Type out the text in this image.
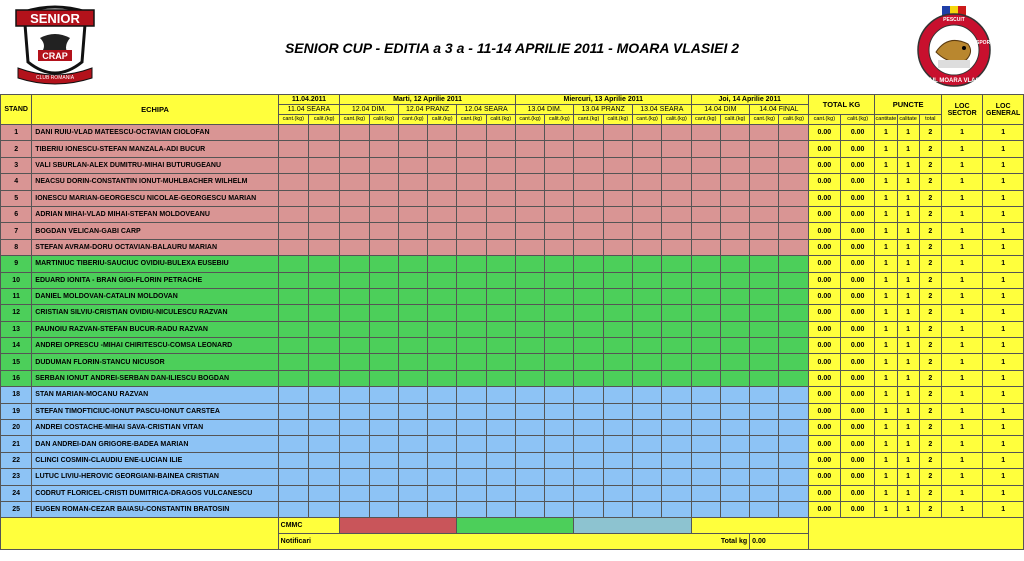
SENIOR
CRAP
CLUB ROMANIA
SENIOR CUP - EDITIA a 3 a - 11-14 APRILIE 2011 - MOARA VLASIEI 2
PESCUIT
SPORTIV
ACUL MOARA VLASIEI
STAND	ECHIPA	11.04.2011		Marti, 12 Aprilie 2011						Miercuri, 13 Aprilie 2011						Joi, 14 Aprilie 2011				TOTAL KG		PUNCTE			LOC SECTOR	LOC GENERAL
		11.04 SEARA		12.04 DIM.		12.04 PRANZ		12.04 SEARA		13.04 DIM.		13.04 PRANZ		13.04 SEARA		14.04 DIM		14.04 FINAL								
		cant.(kg)	calit.(kg)	cant.(kg)	calit.(kg)	cant.(kg)	calit.(kg)	cant.(kg)	calit.(kg)	cant.(kg)	calit.(kg)	cant.(kg)	calit.(kg)	cant.(kg)	calit.(kg)	cant.(kg)	calit.(kg)	cant.(kg)	calit.(kg)	cant.(kg)	calit.(kg)	cantitate	calitate	total		
1	DANI RUIU-VLAD MATEESCU-OCTAVIAN CIOLOFAN																			0.00	0.00	1	1	2	1	1
2	TIBERIU IONESCU-STEFAN MANZALA-ADI BUCUR																			0.00	0.00	1	1	2	1	1
3	VALI SBURLAN-ALEX DUMITRU-MIHAI BUTURUGEANU																			0.00	0.00	1	1	2	1	1
4	NEACSU DORIN-CONSTANTIN IONUT-MUHLBACHER WILHELM																			0.00	0.00	1	1	2	1	1
5	IONESCU MARIAN-GEORGESCU NICOLAE-GEORGESCU MARIAN																			0.00	0.00	1	1	2	1	1
6	ADRIAN MIHAI-VLAD MIHAI-STEFAN MOLDOVEANU																			0.00	0.00	1	1	2	1	1
7	BOGDAN VELICAN-GABI CARP																			0.00	0.00	1	1	2	1	1
8	STEFAN AVRAM-DORU OCTAVIAN-BALAURU MARIAN																			0.00	0.00	1	1	2	1	1
9	MARTINIUC TIBERIU-SAUCIUC OVIDIU-BULEXA EUSEBIU																			0.00	0.00	1	1	2	1	1
10	EDUARD IONITA - BRAN GIGI-FLORIN PETRACHE																			0.00	0.00	1	1	2	1	1
11	DANIEL MOLDOVAN-CATALIN MOLDOVAN																			0.00	0.00	1	1	2	1	1
12	CRISTIAN SILVIU-CRISTIAN OVIDIU-NICULESCU RAZVAN																			0.00	0.00	1	1	2	1	1
13	PAUNOIU RAZVAN-STEFAN BUCUR-RADU RAZVAN																			0.00	0.00	1	1	2	1	1
14	ANDREI OPRESCU -MIHAI CHIRITESCU-COMSA LEONARD																			0.00	0.00	1	1	2	1	1
15	DUDUMAN FLORIN-STANCU NICUSOR																			0.00	0.00	1	1	2	1	1
16	SERBAN IONUT ANDREI-SERBAN DAN-ILIESCU BOGDAN																			0.00	0.00	1	1	2	1	1
18	STAN MARIAN-MOCANU RAZVAN																			0.00	0.00	1	1	2	1	1
19	STEFAN TIMOFTICIUC-IONUT PASCU-IONUT CARSTEA																			0.00	0.00	1	1	2	1	1
20	ANDREI COSTACHE-MIHAI SAVA-CRISTIAN VITAN																			0.00	0.00	1	1	2	1	1
21	DAN ANDREI-DAN GRIGORE-BADEA MARIAN																			0.00	0.00	1	1	2	1	1
22	CLINCI COSMIN-CLAUDIU ENE-LUCIAN ILIE																			0.00	0.00	1	1	2	1	1
23	LUTUC LIVIU-HEROVIC GEORGIANI-BAINEA CRISTIAN																			0.00	0.00	1	1	2	1	1
24	CODRUT FLORICEL-CRISTI DUMITRICA-DRAGOS VULCANESCU																			0.00	0.00	1	1	2	1	1
25	EUGEN ROMAN-CEZAR BAIASU-CONSTANTIN BRATOSIN																			0.00	0.00	1	1	2	1	1
		CMMC																								
		Notificari Total kg																0.00								
